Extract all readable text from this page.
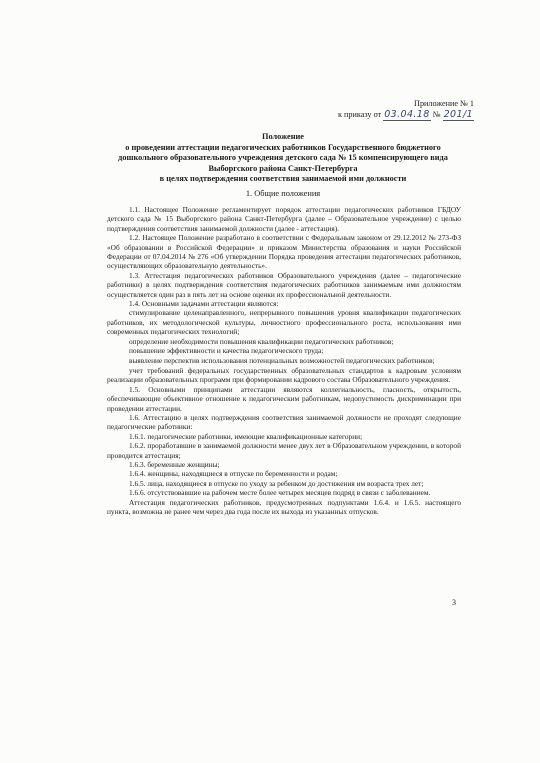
Приложение № 1
к приказу от 03.04.18 № 201/1
Положение
о проведении аттестации педагогических работников Государственного бюджетного
дошкольного образовательного учреждения детского сада № 15 компенсирующего вида
Выборгского района Санкт-Петербурга
в целях подтверждения соответствия занимаемой ими должности
1. Общие положения

1.1. Настоящее Положение регламентирует порядок аттестации педагогических работников ГБДОУ детского сада № 15 Выборгского района Санкт-Петербурга (далее – Образовательное учреждение) с целью подтверждения соответствия занимаемой должности (далее - аттестация).

1.2. Настоящее Положение разработано в соответствии с Федеральным законом от 29.12.2012 № 273-ФЗ «Об образовании в Российской Федерации» и приказом Министерства образования и науки Российской Федерации от 07.04.2014 № 276 «Об утверждении Порядка проведения аттестации педагогических работников, осуществляющих образовательную деятельность».

1.3. Аттестация педагогических работников Образовательного учреждения (далее – педагогические работники) в целях подтверждения соответствия педагогических работников занимаемым ими должностям осуществляется один раз в пять лет на основе оценки их профессиональной деятельности.

1.4. Основными задачами аттестации являются:

стимулирование целенаправленного, непрерывного повышения уровня квалификации педагогических работников, их методологической культуры, личностного профессионального роста, использования ими современных педагогических технологий;

определение необходимости повышения квалификации педагогических работников;

повышение эффективности и качества педагогического труда;

выявление перспектив использования потенциальных возможностей педагогических работников;

учет требований федеральных государственных образовательных стандартов к кадровым условиям реализации образовательных программ при формировании кадрового состава Образовательного учреждения.

1.5. Основными принципами аттестации являются коллегиальность, гласность, открытость, обеспечивающие объективное отношение к педагогическим работникам, недопустимость дискриминации при проведении аттестации.

1.6. Аттестацию в целях подтверждения соответствия занимаемой должности не проходят следующие педагогические работники:

1.6.1. педагогические работники, имеющие квалификационные категории;

1.6.2. проработавшие в занимаемой должности менее двух лет в Образовательном учреждении, в которой проводится аттестация;

1.6.3. беременные женщины;

1.6.4. женщины, находящиеся в отпуске по беременности и родам;

1.6.5. лица, находящиеся в отпуске по уходу за ребенком до достижения им возраста трех лет;

1.6.6. отсутствовавшие на рабочем месте более четырех месяцев подряд в связи с заболеванием.

Аттестация педагогических работников, предусмотренных подпунктами 1.6.4. и 1.6.5. настоящего пункта, возможна не ранее чем через два года после их выхода из указанных отпусков.

3
